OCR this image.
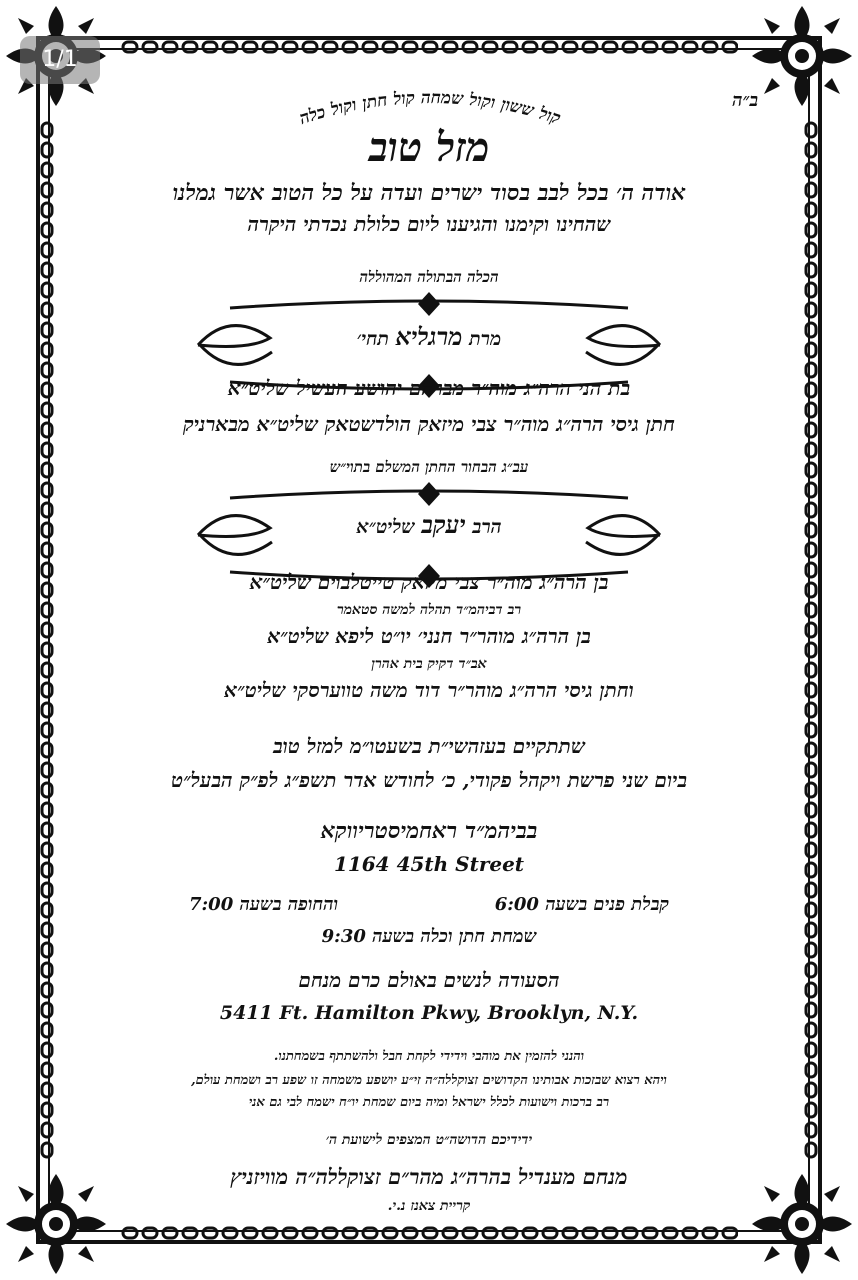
1/1
ב״ה
קול ששון וקול שמחה קול חתן וקול כלה
מזל טוב
אודה ה׳ בכל לבב בסוד ישרים ועדה על כל הטוב אשר גמלנו
שהחינו וקימנו והגיענו ליום כלולת נכדתי היקרה
הכלה הבתולה המהוללה
מרת מרגליא תחי׳
בת הני הרה״ג מוה״ר מברהם יהושע העשיל שליט״א
חתן גיסי הרה״ג מוה״ר צבי מיזאק הולדשטאק שליט״א מבארניק
עב״ג הבחור החתן המשלם בתוי״ש
הרב יעקב שליט״א
בן הרה״ג מוה״ר צבי מיזאק טייטלבוים שליט״א
רב דביהמ״ד תהלה למשה סטאמר
בן הרה״ג מוהר״ר חנני׳ יו״ט ליפא שליט״א
אב״ד דקיק בית אהרן
וחתן גיסי הרה״ג מוהר״ר דוד משה טווערסקי שליט״א
שתתקיים בעזהשי״ת בשעטו״מ למזל טוב
ביום שני פרשת ויקהל פקודי, כ׳ לחודש אדר תשפ״ג לפ״ק הבעל״ט
בביהמ״ד ראחמיסטריווקא
1164 45th Street
קבלת פנים בשעה 6:00
והחופה בשעה 7:00
שמחת חתן וכלה בשעה 9:30
הסעודה לנשים באולם כרם מנחם
5411 Ft. Hamilton Pkwy, Brooklyn, N.Y.
והנני להזמין את מוהבי וידידי לקחת חבל ולהשתתף בשמחתנו.
ויהא רצוא שבזכות אבותינו הקדושים זצוקללה״ה זי״ע יושפע משמחה זו שפע רב ושמחת עולם,
רב ברכות וישועות לכלל ישראל ומיה ביום שמחת יו״ח ישמח לבי גם אני
ידידיכם הדושה״ט המצפים לישועת ה׳
מנחם מענדיל בהרה״ג מהר״ם זצוקללה״ה מוויזניץ
קריית צאנז נ.י.
